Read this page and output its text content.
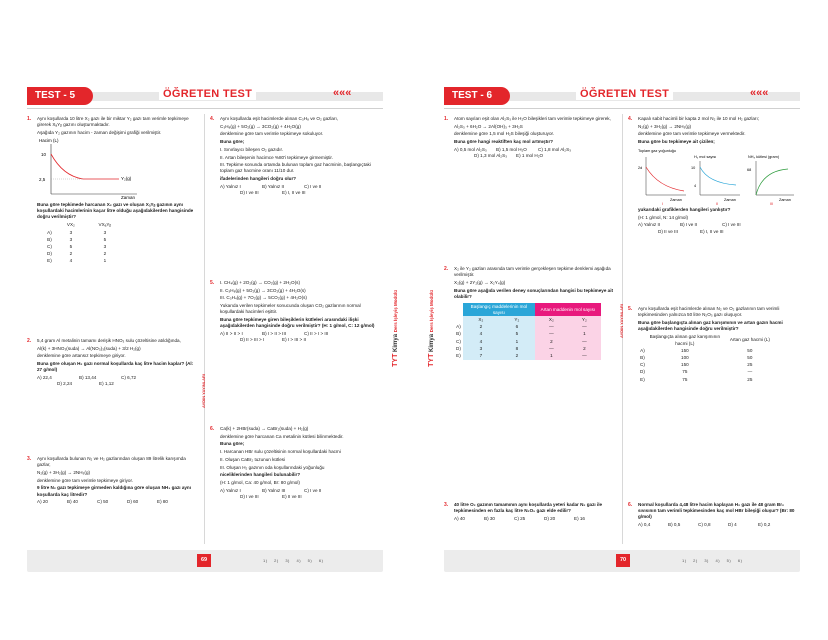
TEST - 5	ÖĞRETEN TEST	«««
AYDIN YAYINLARI
1. Aynı koşullarda 10 litre X₂ gazı ile bir miktar Y₂ gazı tam verimle tepkimeye girerek XₐYᵦ gazını oluşturmaktadır.

Aşağıda Y₂ gazının hacim - zaman değişimi grafiği verilmiştir.

Hacim (L)
10
2,5	Y₂(g)
Zaman

Buna göre tepkimede harcanan X₂ gazı ve oluşan XₐYᵦ gazının aynı koşullardaki hacimlerinin kaçar litre olduğu aşağıdakilerden hangisinde doğru verilmiştir?

	VX₂	VXₐYᵦ
A)	3	3
B)	3	5
C)	5	3
D)	2	2
E)	4	1
2. 5,4 gram Al metalinin tamamı derişik HNO₃ sulu çözeltisine atıldığında,

Al(k) + 3HNO₃(suda) → Al(NO₃)₃(suda) + 3/2 H₂(g)

denklemine göre artansız tepkimeye giriyor.

Buna göre oluşan H₂ gazı normal koşullarda kaç litre hacim kaplar? (Al: 27 g/mol)

A) 22,4	B) 13,44	C) 6,72
D) 2,24	E) 1,12
3. Aynı koşullarda bulunan N₂ ve H₂ gazlarından oluşan 89 litrelik karışımda gazlar,

N₂(g) + 3H₂(g) → 2NH₃(g)

denklemine göre tam verimle tepkimeye giriyor.

9 litre N₂ gazı tepkimeye girmeden kaldığına göre oluşan NH₃ gazı aynı koşullarda kaç litredir?

A) 20	B) 40	C) 50	D) 60	E) 80
4. Aynı koşullarda eşit hacimlerde alınan C₃H₈ ve O₂ gazları,

C₃H₈(g) + 5O₂(g) → 3CO₂(g) + 4H₂O(g)

denklemine göre tam verimle tepkimeye sokuluyor.

Buna göre;

I. Sınırlayıcı bileşen O₂ gazıdır.

II. Artan bileşenin hacimce %80'i tepkimeye girmemiştir.

III. Tepkime sonunda ortamda bulunan toplam gaz hacminin, başlangıçtaki toplam gaz hacmine oranı 11/10 dur.

ifadelerinden hangileri doğru olur?

A) Yalnız I	B) Yalnız II	C) I ve II
D) I ve III	E) I, II ve III
5. I. CH₄(g) + 2O₂(g) → CO₂(g) + 2H₂O(s)

II. C₃H₈(g) + 5O₂(g) → 3CO₂(g) + 4H₂O(s)

III. C₃H₄(g) + 7O₂(g) → 5CO₂(g) + 4H₂O(s)

Yukarıda verilen tepkimeler sonucunda oluşan CO₂ gazlarının normal koşullardaki hacimleri eşittir.

Buna göre tepkimeye giren bileşiklerin kütleleri arasındaki ilişki aşağıdakilerden hangisinde doğru verilmiştir? (H: 1 g/mol, C: 12 g/mol)

A) II > II > I	B) I > II > III	C) II > I > III
D) II > III > I	E) I > III > II
6. Ca(k) + 2HBr(suda) → CaBr₂(suda) + H₂(g)

denklemine göre harcanan Ca metalinin kütlesi bilinmektedir.

Buna göre;

I. Harcanan HBr sulu çözeltisinin normal koşullardaki hacmi

II. Oluşan CaBr₂ tuzunun kütlesi

III. Oluşan H₂ gazının oda koşullarındaki yoğunluğu

niceliklerinden hangileri bulunabilir?

(H: 1 g/mol, Ca: 40 g/mol, Br: 80 g/mol)

A) Yalnız I	B) Yalnız III	C) I ve II
D) I ve III	E) II ve III
69	1) 2) 3) 4) 5) 6)
TYT Kimya Ders İşleyiş Modülü
TYT Kimya Ders İşleyiş Modülü
TEST - 6	ÖĞRETEN TEST	«««
AYDIN YAYINLARI
1. Atom sayıları eşit olan Al₂S₃ ile H₂O bileşikleri tam verimle tepkimeye girerek,

Al₂S₃ + 6H₂O → 2Al(OH)₃ + 3H₂S

denklemine göre 1,5 mol H₂S bileşiği oluşturuyor.

Buna göre hangi reaktiften kaç mol artmıştır?

A) 0,5 mol Al₂S₃ B) 1,5 mol H₂O C) 1,8 mol Al₂S₃
D) 1,3 mol Al₂S₃ E) 1 mol H₂O
2. X₂ ile Y₂ gazları arasında tam verimle gerçekleşen tepkime denklemi aşağıda verilmiştir.

X₂(g) + 2Y₂(g) → X₂Y₄(g)

Buna göre aşağıda verilen deney sonuçlarından hangisi bu tepkimeye ait olabilir?

	Başlangıç maddelerinin mol sayısı		Artan maddenin mol sayısı	
	X₂	Y₂	X₂	Y₂
A)	2	6	—	—
B)	4	5	—	1
C)	4	1	2	—
D)	3	8	—	2
E)	7	2	1	—
3. 40 litre O₂ gazının tamamının aynı koşullarda yeteri kadar N₂ gazı ile tepkimesinden en fazla kaç litre N₂O₅ gazı elde edilir?

A) 40	B) 30	C) 25	D) 20	E) 16
4. Kapalı sabit hacimli bir kapta 2 mol N₂ ile 10 mol H₂ gazları;

N₂(g) + 3H₂(g) → 2NH₃(g)

denklemine göre tam verimle tepkimeye vermektedir.

Buna göre bu tepkimeye ait çizilen;

Toplam gaz yoğunluğu
2d
Zaman
I
H₂ mol sayısı
10
4
Zaman
II
NH₃ kütlesi (gram)
68
Zaman
III

yukarıdaki grafiklerden hangileri yanlıştır?

(H: 1 g/mol, N: 14 g/mol)

A) Yalnız II	B) I ve II	C) I ve III
D) II ve III	E) I, II ve III
5. Aynı koşullarda eşit hacimlerde alınan N₂ ve O₂ gazlarının tam verimli tepkimesinden yalnızca 50 litre N₂O₃ gazı oluşuyor.

Buna göre başlangıçta alınan gaz karışımının ve artan gazın hacmi aşağıdakilerden hangisinde doğru verilmiştir?

	Başlangıçta alınan gaz karışımının hacmi (L)	Artan gaz hacmi (L)
A)	150	50
B)	100	50
C)	150	25
D)	75	—
E)	75	25
6. Normal koşullarda 4,48 litre hacim kaplayan H₂ gazı ile 48 gram Br₂ sıvısının tam verimli tepkimesinden kaç mol HBr bileşiği oluşur? (Br: 80 g/mol)

A) 0,4	B) 0,5	C) 0,8	D) 4	E) 0,2
70	1) 2) 3) 4) 5) 6)
